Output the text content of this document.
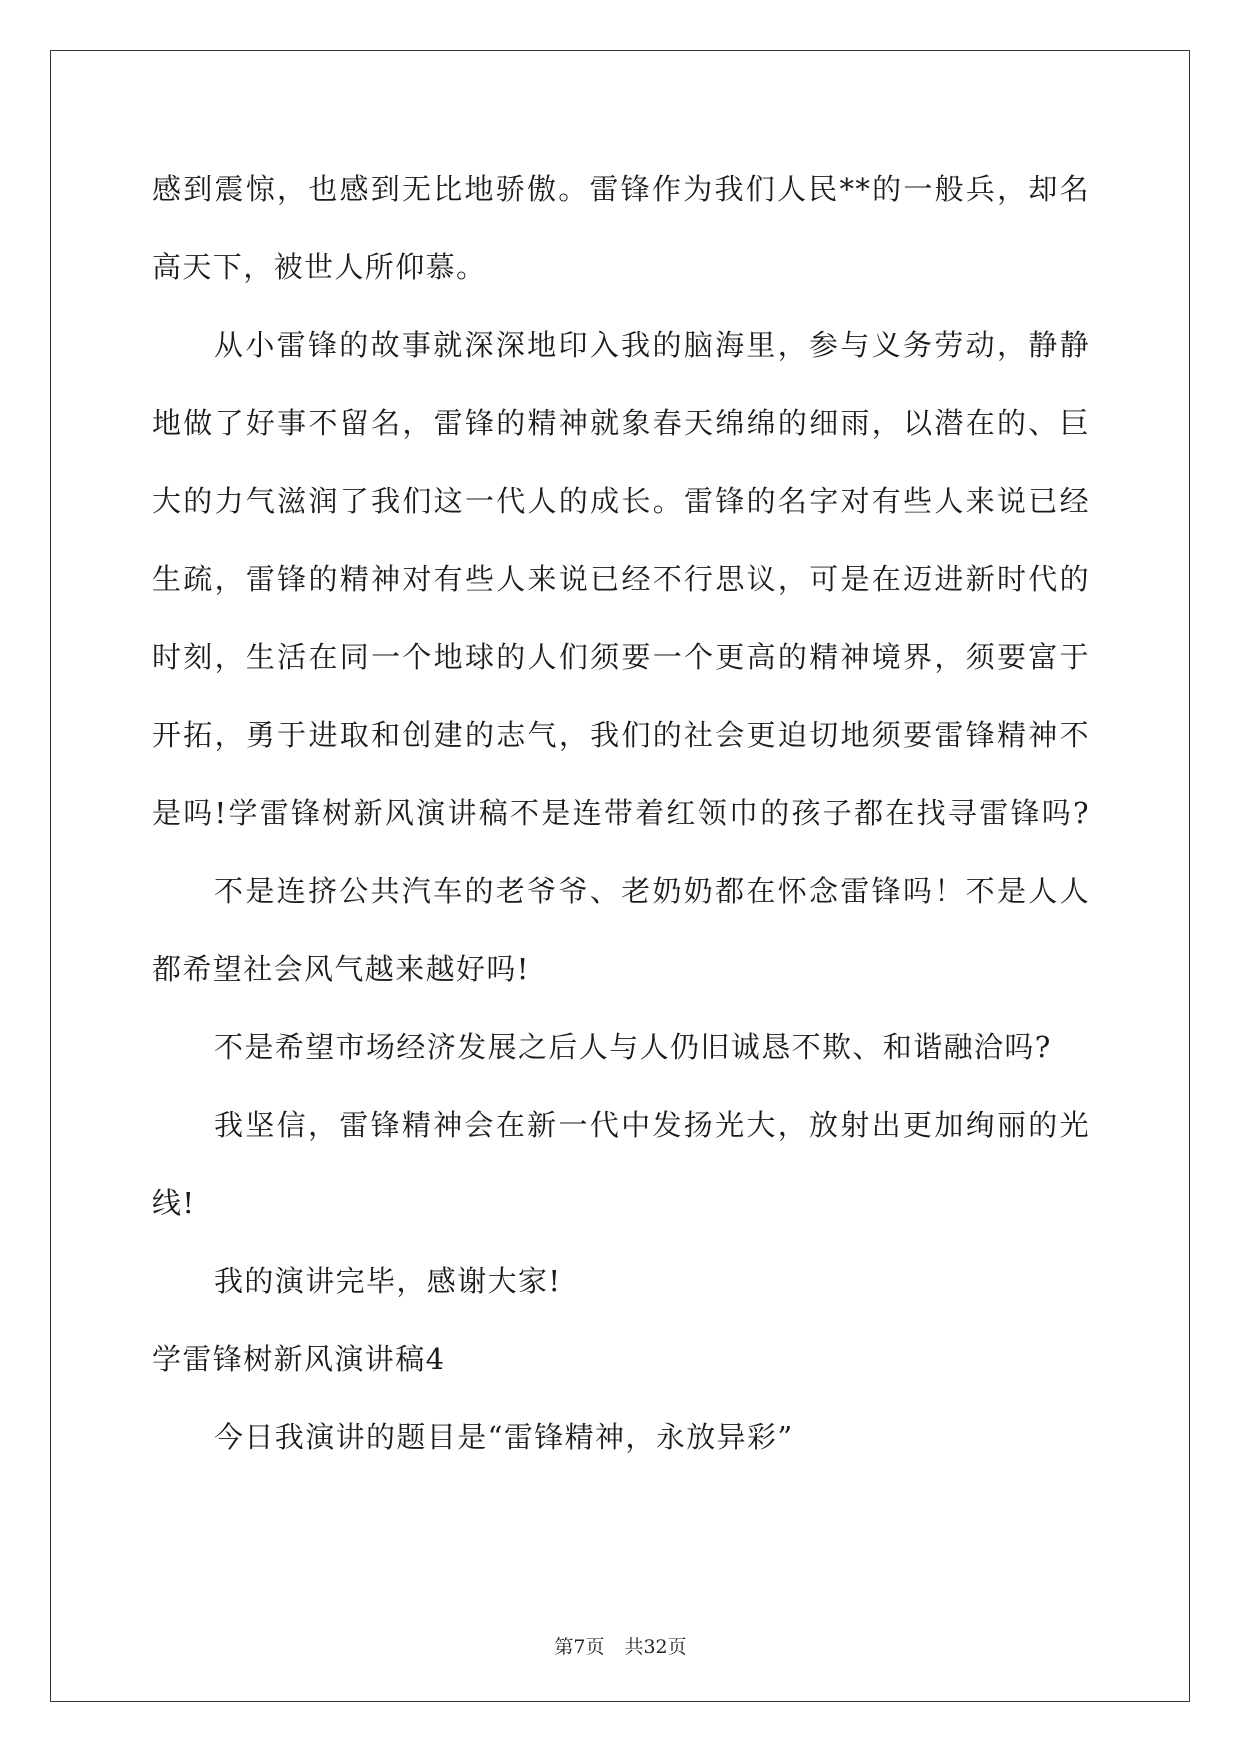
感到震惊，也感到无比地骄傲。雷锋作为我们人民**的一般兵，却名
高天下，被世人所仰慕。
从小雷锋的故事就深深地印入我的脑海里，参与义务劳动，静静
地做了好事不留名，雷锋的精神就象春天绵绵的细雨，以潜在的、巨
大的力气滋润了我们这一代人的成长。雷锋的名字对有些人来说已经
生疏，雷锋的精神对有些人来说已经不行思议，可是在迈进新时代的
时刻，生活在同一个地球的人们须要一个更高的精神境界，须要富于
开拓，勇于进取和创建的志气，我们的社会更迫切地须要雷锋精神不
是吗!学雷锋树新风演讲稿不是连带着红领巾的孩子都在找寻雷锋吗?
不是连挤公共汽车的老爷爷、老奶奶都在怀念雷锋吗！不是人人
都希望社会风气越来越好吗!
不是希望市场经济发展之后人与人仍旧诚恳不欺、和谐融洽吗?
我坚信，雷锋精神会在新一代中发扬光大，放射出更加绚丽的光
线!
我的演讲完毕，感谢大家!
学雷锋树新风演讲稿4
今日我演讲的题目是“雷锋精神，永放异彩”
第7页 共32页
